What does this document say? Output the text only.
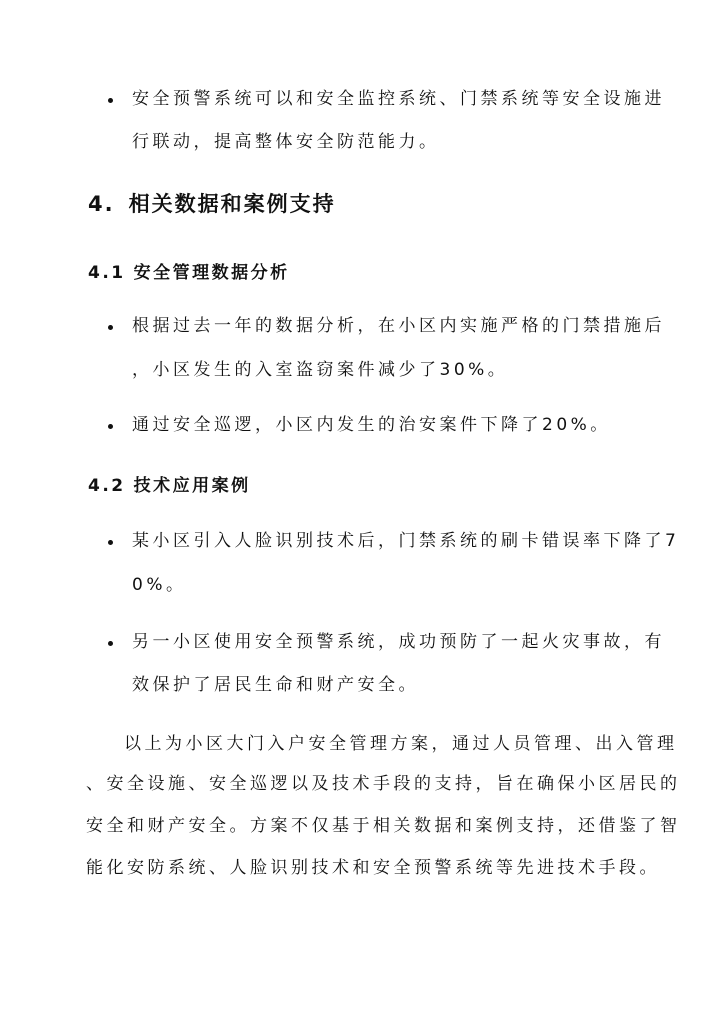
安全预警系统可以和安全监控系统、门禁系统等安全设施进
行联动，提高整体安全防范能力。
4. 相关数据和案例支持
4.1 安全管理数据分析
根据过去一年的数据分析，在小区内实施严格的门禁措施后
，小区发生的入室盗窃案件减少了30%。
通过安全巡逻，小区内发生的治安案件下降了20%。
4.2 技术应用案例
某小区引入人脸识别技术后，门禁系统的刷卡错误率下降了7
0%。
另一小区使用安全预警系统，成功预防了一起火灾事故，有
效保护了居民生命和财产安全。
以上为小区大门入户安全管理方案，通过人员管理、出入管理
、安全设施、安全巡逻以及技术手段的支持，旨在确保小区居民的
安全和财产安全。方案不仅基于相关数据和案例支持，还借鉴了智
能化安防系统、人脸识别技术和安全预警系统等先进技术手段。
